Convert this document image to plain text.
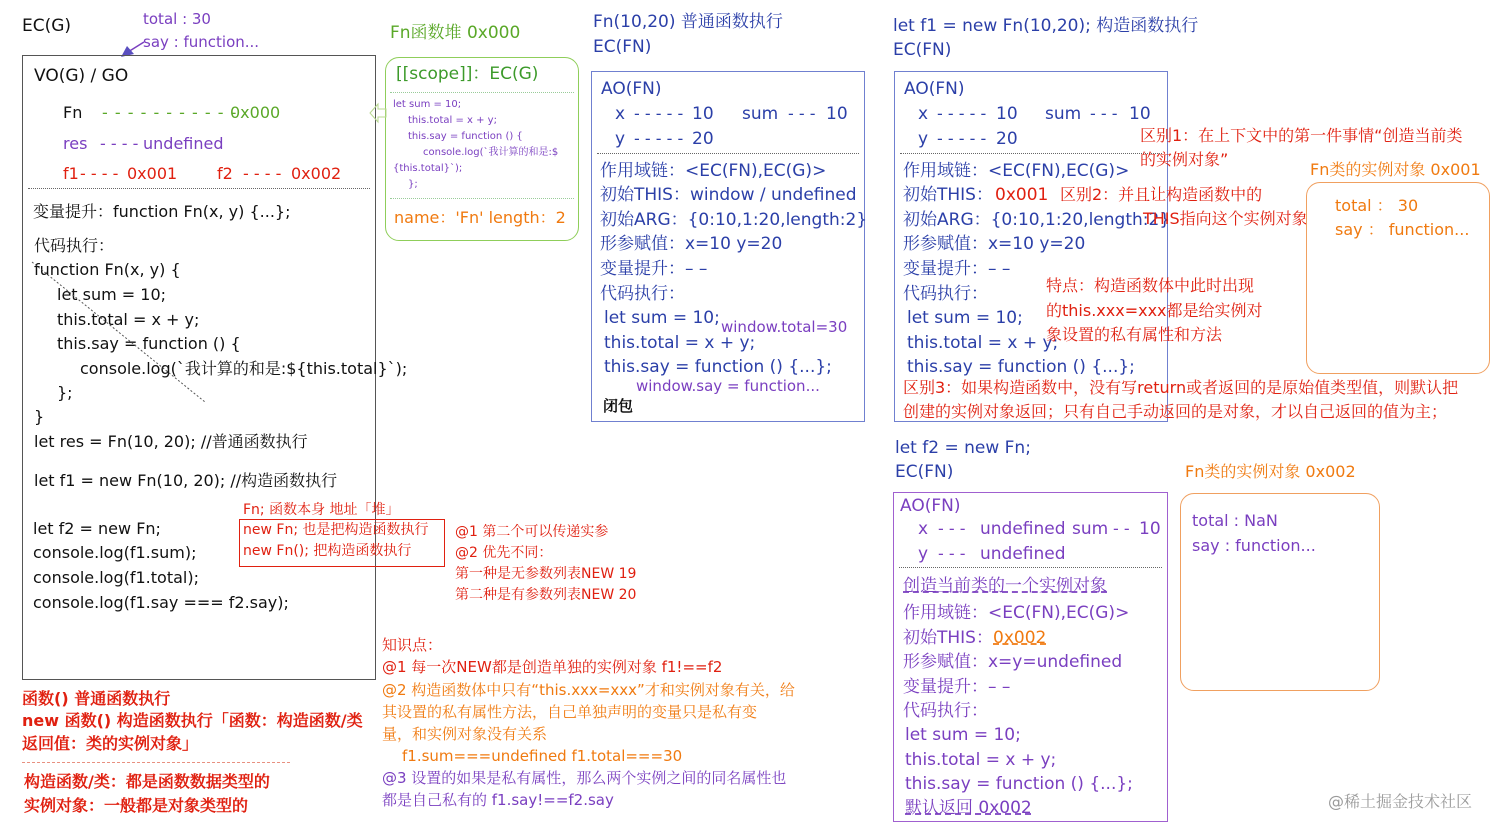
EC(G)	total : 30
say : function...
VO(G) / GO
Fn - - - - - - - - - - -
0x000
res - - - - undefined
f1 - - - - 0x001 f2 - - - - 0x002
变量提升：function Fn(x, y) {...};
代码执行：
function Fn(x, y) {
let sum = 10;
this.total = x + y;
this.say = function () {
console.log(`我计算的和是:${this.total}`);
};
}
let res = Fn(10, 20); //普通函数执行
let f1 = new Fn(10, 20); //构造函数执行
let f2 = new Fn;
console.log(f1.sum);
console.log(f1.total);
console.log(f1.say === f2.say);
函数() 普通函数执行
new 函数() 构造函数执行「函数：构造函数/类
返回值：类的实例对象」
构造函数/类：都是函数数据类型的
实例对象：一般都是对象类型的
Fn函数堆 0x000
[[scope]]：EC(G)
let sum = 10;
this.total = x + y;
this.say = function () {
console.log(`我计算的和是:$
{this.total}`);
};
name：'Fn' length：2
Fn; 函数本身 地址「堆」
new Fn; 也是把构造函数执行
new Fn(); 把构造函数执行
@1 第二个可以传递实参
@2 优先不同：
第一种是无参数列表NEW 19
第二种是有参数列表NEW 20
知识点：
@1 每一次NEW都是创造单独的实例对象 f1!==f2
@2 构造函数体中只有“this.xxx=xxx”才和实例对象有关，给
其设置的私有属性方法，自己单独声明的变量只是私有变
量，和实例对象没有关系
f1.sum===undefined f1.total===30
@3 设置的如果是私有属性，那么两个实例之间的同名属性也
都是自己私有的 f1.say!==f2.say
Fn(10,20) 普通函数执行
EC(FN)
AO(FN)
x - - - - - 10 sum - - - 10
y - - - - - 20
作用域链：<EC(FN),EC(G)>
初始THIS：window / undefined
初始ARG：{0:10,1:20,length:2}
形参赋值：x=10 y=20
变量提升：– –
代码执行：
let sum = 10;
this.total = x + y;
this.say = function () {...};
window.total=30
window.say = function...
闭包
let f1 = new Fn(10,20); 构造函数执行
EC(FN)
AO(FN)
x - - - - - 10 sum - - - 10
y - - - - - 20
作用域链：<EC(FN),EC(G)>
初始THIS： 0x001
初始ARG：{0:10,1:20,length:2}
形参赋值：x=10 y=20
变量提升：– –
代码执行：
let sum = 10;
this.total = x + y;
this.say = function () {...};
区别1：在上下文中的第一件事情“创造当前类
的实例对象”
区别2：并且让构造函数中的
THIS指向这个实例对象
特点：构造函数体中此时出现
的this.xxx=xxx都是给实例对
象设置的私有属性和方法
区别3：如果构造函数中，没有写return或者返回的是原始值类型值，则默认把
创建的实例对象返回；只有自己手动返回的是对象，才以自己返回的值为主；
Fn类的实例对象 0x001
total ： 30
say ： function...
let f2 = new Fn;
EC(FN)
AO(FN)
x - - - undefined sum - - 10
y - - - undefined
创造当前类的一个实例对象
作用域链：<EC(FN),EC(G)>
初始THIS： 0x002
形参赋值：x=y=undefined
变量提升：– –
代码执行：
let sum = 10;
this.total = x + y;
this.say = function () {...};
默认返回 0x002
Fn类的实例对象 0x002
total : NaN
say : function...
@稀土掘金技术社区
